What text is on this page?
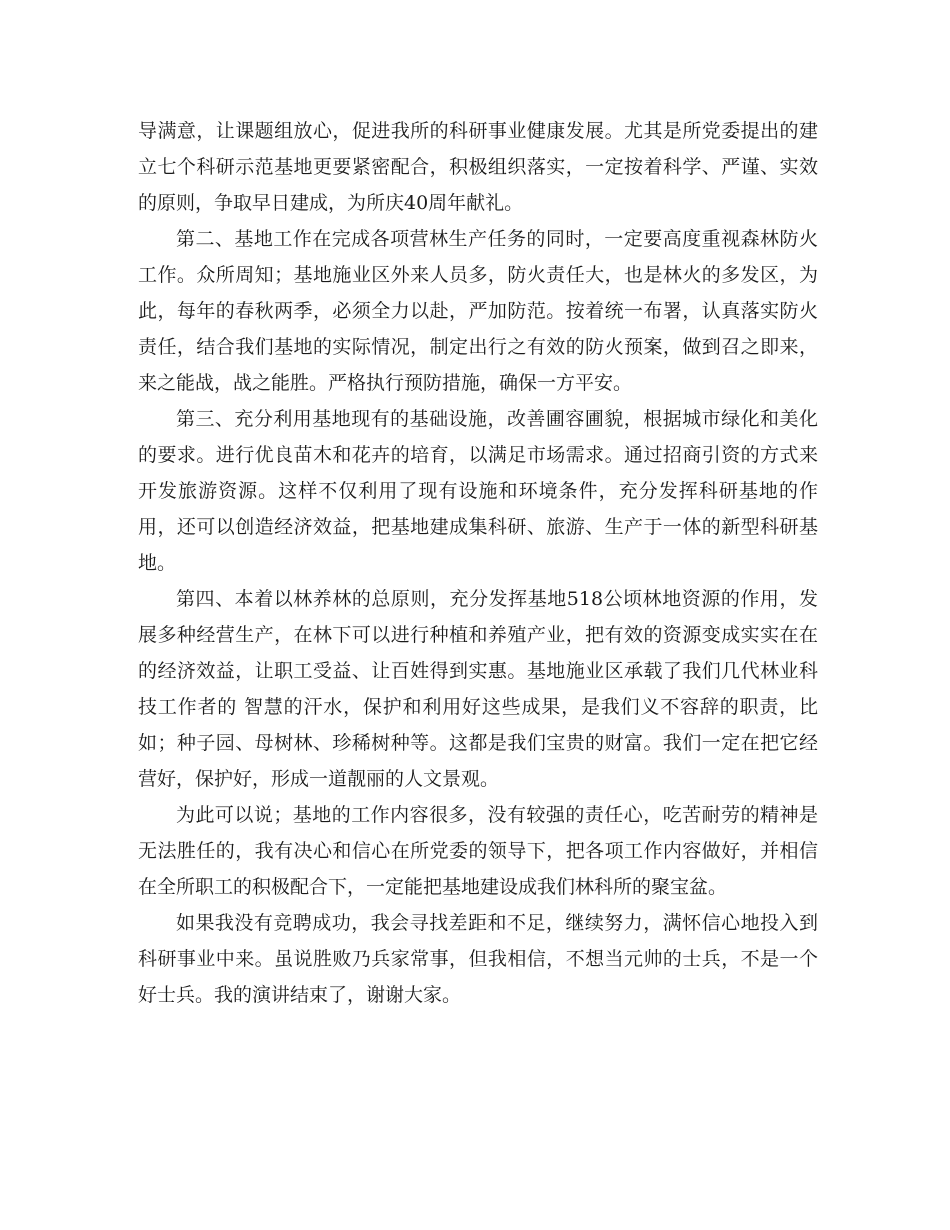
导满意，让课题组放心，促进我所的科研事业健康发展。尤其是所党委提出的建立七个科研示范基地更要紧密配合，积极组织落实，一定按着科学、严谨、实效的原则，争取早日建成，为所庆40周年献礼。

第二、基地工作在完成各项营林生产任务的同时，一定要高度重视森林防火工作。众所周知；基地施业区外来人员多，防火责任大，也是林火的多发区，为此，每年的春秋两季，必须全力以赴，严加防范。按着统一布署，认真落实防火责任，结合我们基地的实际情况，制定出行之有效的防火预案，做到召之即来，来之能战，战之能胜。严格执行预防措施，确保一方平安。

第三、充分利用基地现有的基础设施，改善圃容圃貌，根据城市绿化和美化的要求。进行优良苗木和花卉的培育，以满足市场需求。通过招商引资的方式来开发旅游资源。这样不仅利用了现有设施和环境条件，充分发挥科研基地的作用，还可以创造经济效益，把基地建成集科研、旅游、生产于一体的新型科研基地。

第四、本着以林养林的总原则，充分发挥基地518公顷林地资源的作用，发展多种经营生产，在林下可以进行种植和养殖产业，把有效的资源变成实实在在的经济效益，让职工受益、让百姓得到实惠。基地施业区承载了我们几代林业科技工作者的 智慧的汗水，保护和利用好这些成果，是我们义不容辞的职责，比如；种子园、母树林、珍稀树种等。这都是我们宝贵的财富。我们一定在把它经营好，保护好，形成一道靓丽的人文景观。

为此可以说；基地的工作内容很多，没有较强的责任心，吃苦耐劳的精神是无法胜任的，我有决心和信心在所党委的领导下，把各项工作内容做好，并相信在全所职工的积极配合下，一定能把基地建设成我们林科所的聚宝盆。

如果我没有竞聘成功，我会寻找差距和不足，继续努力，满怀信心地投入到科研事业中来。虽说胜败乃兵家常事，但我相信，不想当元帅的士兵，不是一个好士兵。我的演讲结束了，谢谢大家。
